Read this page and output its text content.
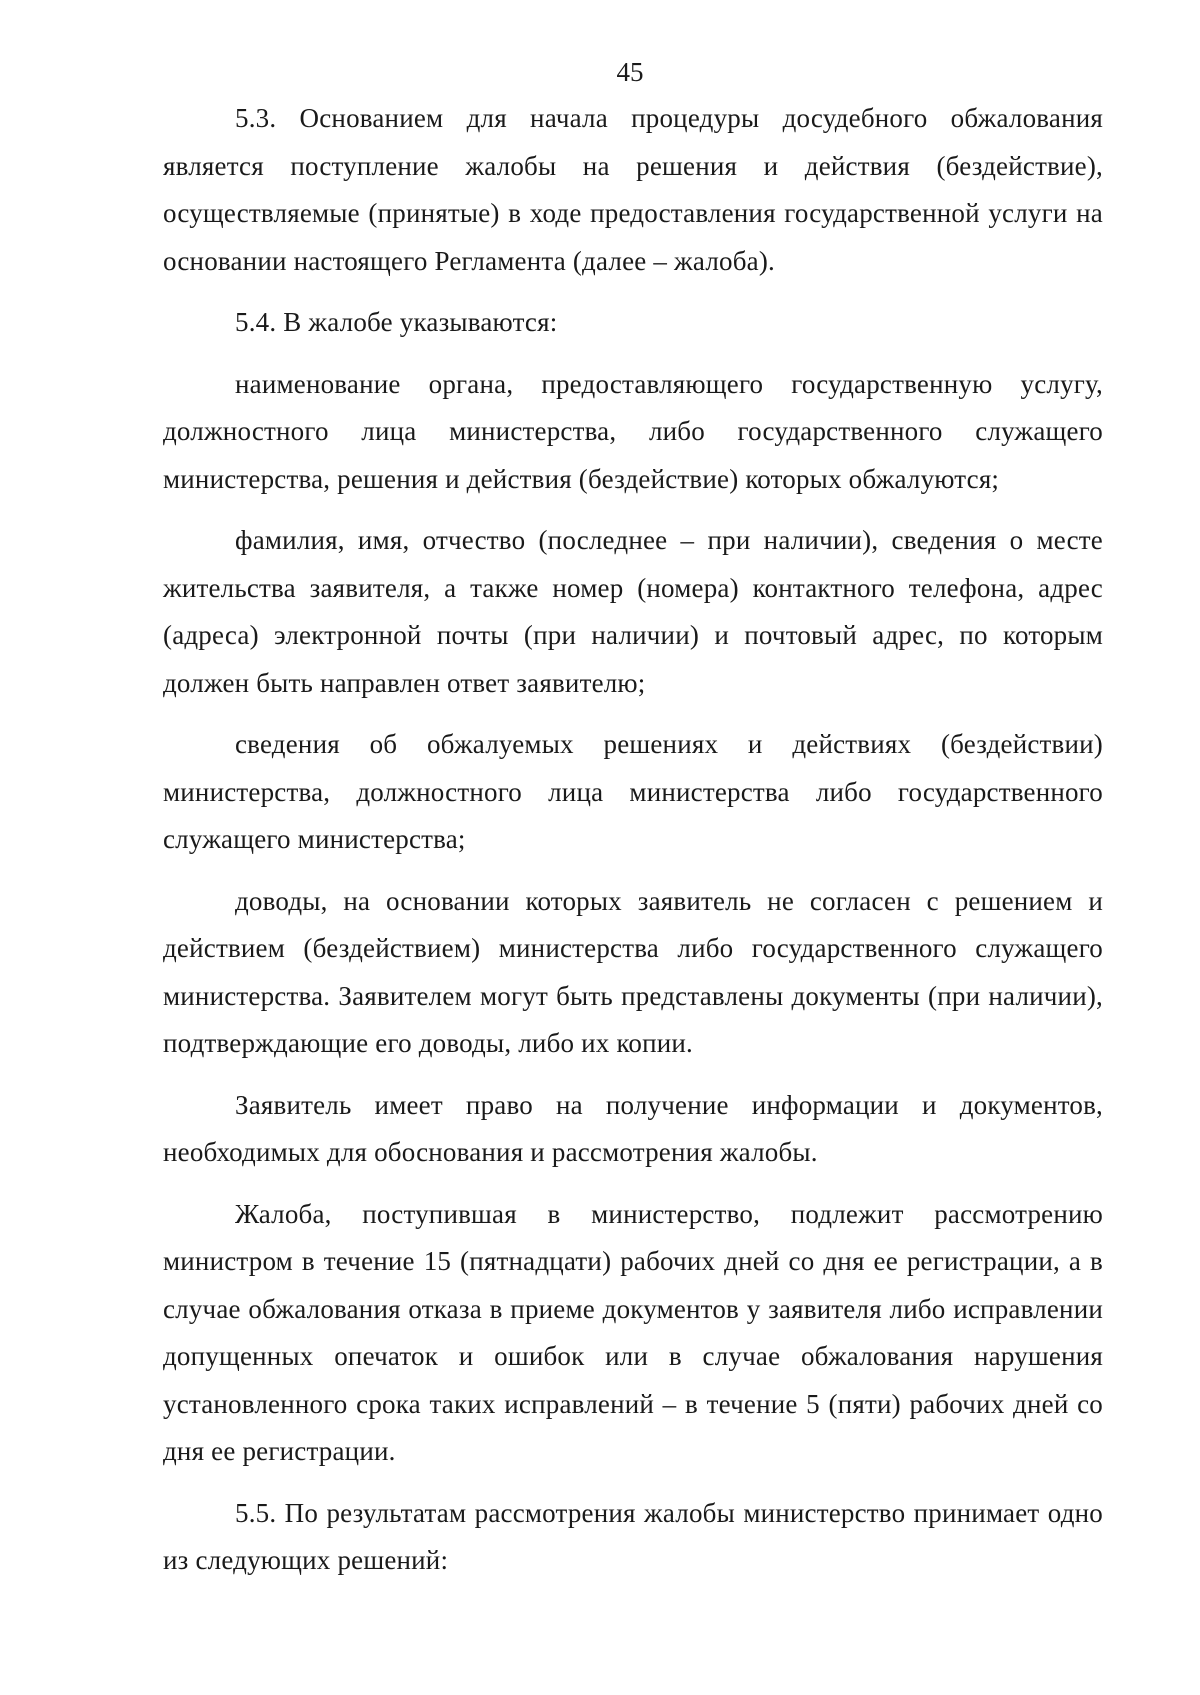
45

5.3. Основанием для начала процедуры досудебного обжалования является поступление жалобы на решения и действия (бездействие), осуществляемые (принятые) в ходе предоставления государственной услуги на основании настоящего Регламента (далее – жалоба).

5.4. В жалобе указываются:

наименование органа, предоставляющего государственную услугу, должностного лица министерства, либо государственного служащего министерства, решения и действия (бездействие) которых обжалуются;

фамилия, имя, отчество (последнее – при наличии), сведения о месте жительства заявителя, а также номер (номера) контактного телефона, адрес (адреса) электронной почты (при наличии) и почтовый адрес, по которым должен быть направлен ответ заявителю;

сведения об обжалуемых решениях и действиях (бездействии) министерства, должностного лица министерства либо государственного служащего министерства;

доводы, на основании которых заявитель не согласен с решением и действием (бездействием) министерства либо государственного служащего министерства. Заявителем могут быть представлены документы (при наличии), подтверждающие его доводы, либо их копии.

Заявитель имеет право на получение информации и документов, необходимых для обоснования и рассмотрения жалобы.

Жалоба, поступившая в министерство, подлежит рассмотрению министром в течение 15 (пятнадцати) рабочих дней со дня ее регистрации, а в случае обжалования отказа в приеме документов у заявителя либо исправлении допущенных опечаток и ошибок или в случае обжалования нарушения установленного срока таких исправлений – в течение 5 (пяти) рабочих дней со дня ее регистрации.

5.5. По результатам рассмотрения жалобы министерство принимает одно из следующих решений:
